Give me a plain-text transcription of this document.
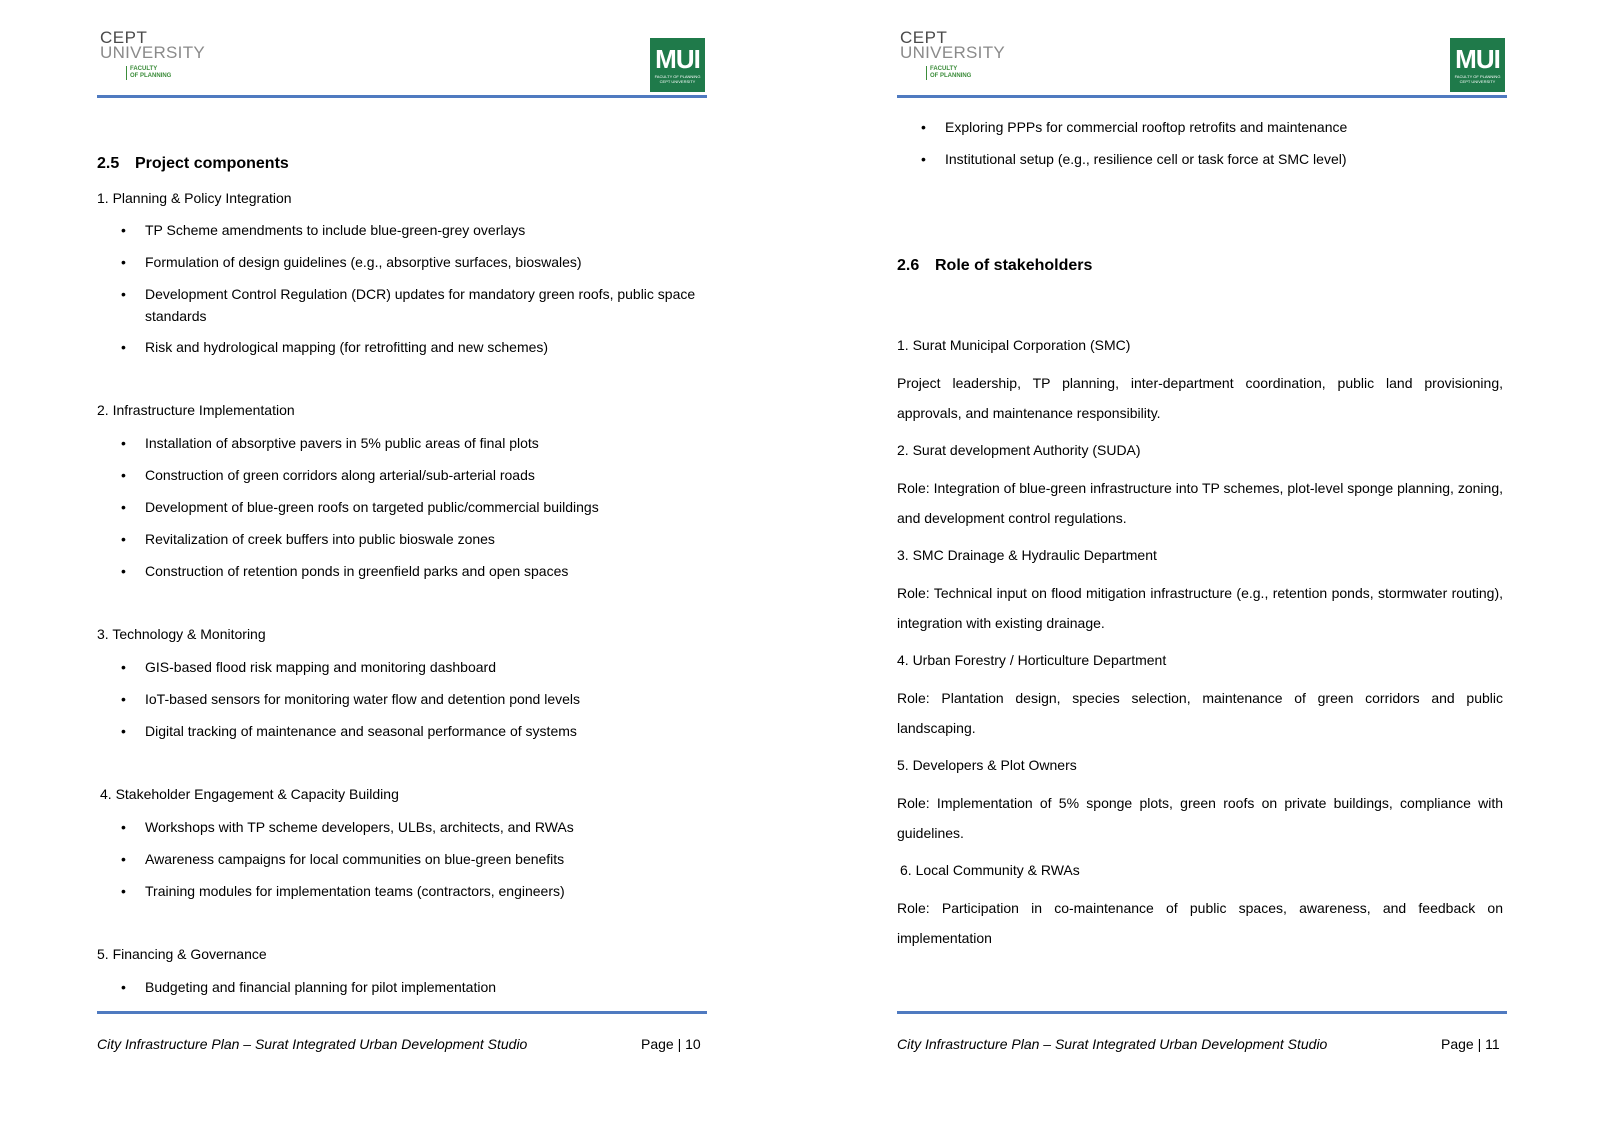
CEPT
UNIVERSITY
FACULTY
OF PLANNING
MUI
FACULTY OF PLANNING
CEPT UNIVERSITY
2.5 Project components
1. Planning & Policy Integration
• TP Scheme amendments to include blue-green-grey overlays
• Formulation of design guidelines (e.g., absorptive surfaces, bioswales)
• Development Control Regulation (DCR) updates for mandatory green roofs, public space standards
• Risk and hydrological mapping (for retrofitting and new schemes)
2. Infrastructure Implementation
• Installation of absorptive pavers in 5% public areas of final plots
• Construction of green corridors along arterial/sub-arterial roads
• Development of blue-green roofs on targeted public/commercial buildings
• Revitalization of creek buffers into public bioswale zones
• Construction of retention ponds in greenfield parks and open spaces
3. Technology & Monitoring
• GIS-based flood risk mapping and monitoring dashboard
• IoT-based sensors for monitoring water flow and detention pond levels
• Digital tracking of maintenance and seasonal performance of systems
4. Stakeholder Engagement & Capacity Building
• Workshops with TP scheme developers, ULBs, architects, and RWAs
• Awareness campaigns for local communities on blue-green benefits
• Training modules for implementation teams (contractors, engineers)
5. Financing & Governance
• Budgeting and financial planning for pilot implementation
City Infrastructure Plan – Surat Integrated Urban Development Studio	Page | 10
CEPT
UNIVERSITY
FACULTY
OF PLANNING
MUI
FACULTY OF PLANNING
CEPT UNIVERSITY
• Exploring PPPs for commercial rooftop retrofits and maintenance
• Institutional setup (e.g., resilience cell or task force at SMC level)
2.6 Role of stakeholders
1. Surat Municipal Corporation (SMC)
Project leadership, TP planning, inter-department coordination, public land provisioning, approvals, and maintenance responsibility.
2. Surat development Authority (SUDA)
Role: Integration of blue-green infrastructure into TP schemes, plot-level sponge planning, zoning, and development control regulations.
3. SMC Drainage & Hydraulic Department
Role: Technical input on flood mitigation infrastructure (e.g., retention ponds, stormwater routing), integration with existing drainage.
4. Urban Forestry / Horticulture Department
Role: Plantation design, species selection, maintenance of green corridors and public landscaping.
5. Developers & Plot Owners
Role: Implementation of 5% sponge plots, green roofs on private buildings, compliance with guidelines.
6. Local Community & RWAs
Role: Participation in co-maintenance of public spaces, awareness, and feedback on implementation
City Infrastructure Plan – Surat Integrated Urban Development Studio	Page | 11
